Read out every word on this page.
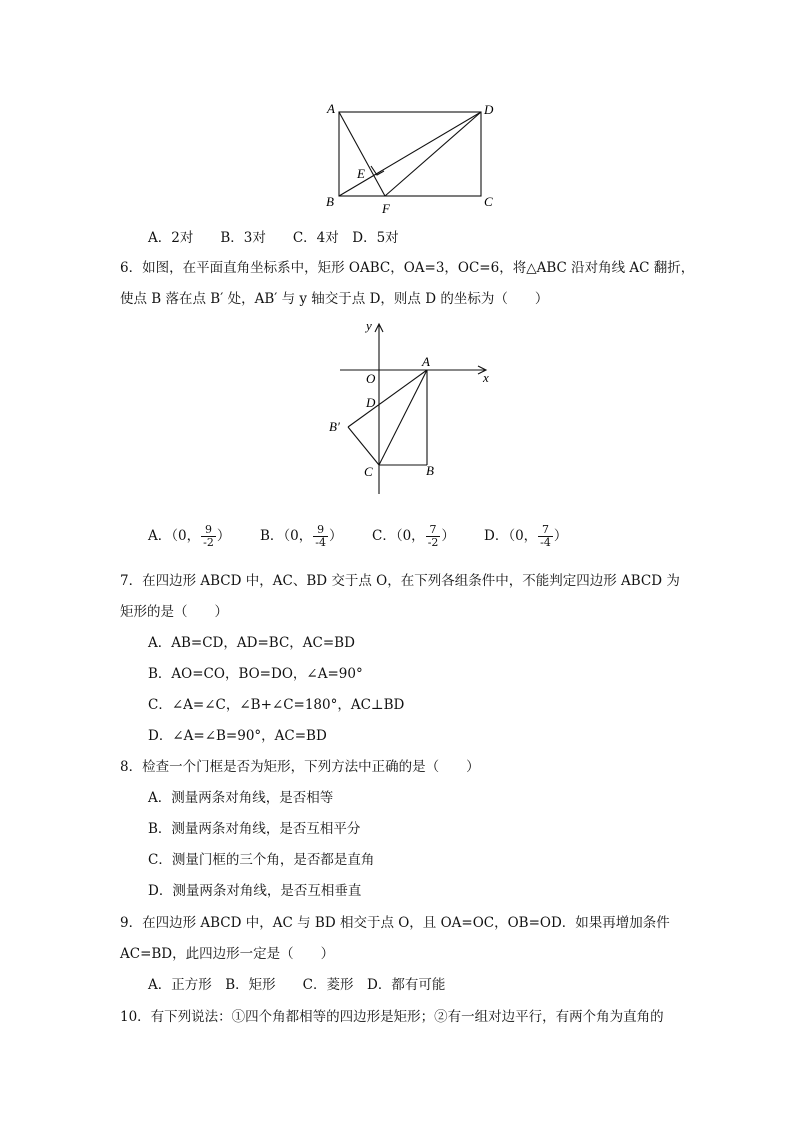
A	D
B	C
E
F
A．2对　　B．3对　　C．4对　D．5对
6．如图，在平面直角坐标系中，矩形 OABC，OA=3，OC=6，将△ABC 沿对角线 AC 翻折，
使点 B 落在点 B′ 处，AB′ 与 y 轴交于点 D，则点 D 的坐标为（　　）
y
x
O
A
D
B′
C	B
A．（0， $\frac{9}{-2}$ ） B．（0， $\frac{9}{-4}$ ） C．（0， $\frac{7}{-2}$ ） D．（0， $\frac{7}{-4}$ ）
7．在四边形 ABCD 中，AC、BD 交于点 O，在下列各组条件中，不能判定四边形 ABCD 为
矩形的是（　　）
A．AB=CD，AD=BC，AC=BD
B．AO=CO，BO=DO，∠A=90°
C．∠A=∠C，∠B+∠C=180°，AC⊥BD
D．∠A=∠B=90°，AC=BD
8．检查一个门框是否为矩形，下列方法中正确的是（　　）
A．测量两条对角线，是否相等
B．测量两条对角线，是否互相平分
C．测量门框的三个角，是否都是直角
D．测量两条对角线，是否互相垂直
9．在四边形 ABCD 中，AC 与 BD 相交于点 O，且 OA=OC，OB=OD．如果再增加条件
AC=BD，此四边形一定是（　　）
A．正方形　B．矩形　　C．菱形　D．都有可能
10．有下列说法：①四个角都相等的四边形是矩形；②有一组对边平行，有两个角为直角的
